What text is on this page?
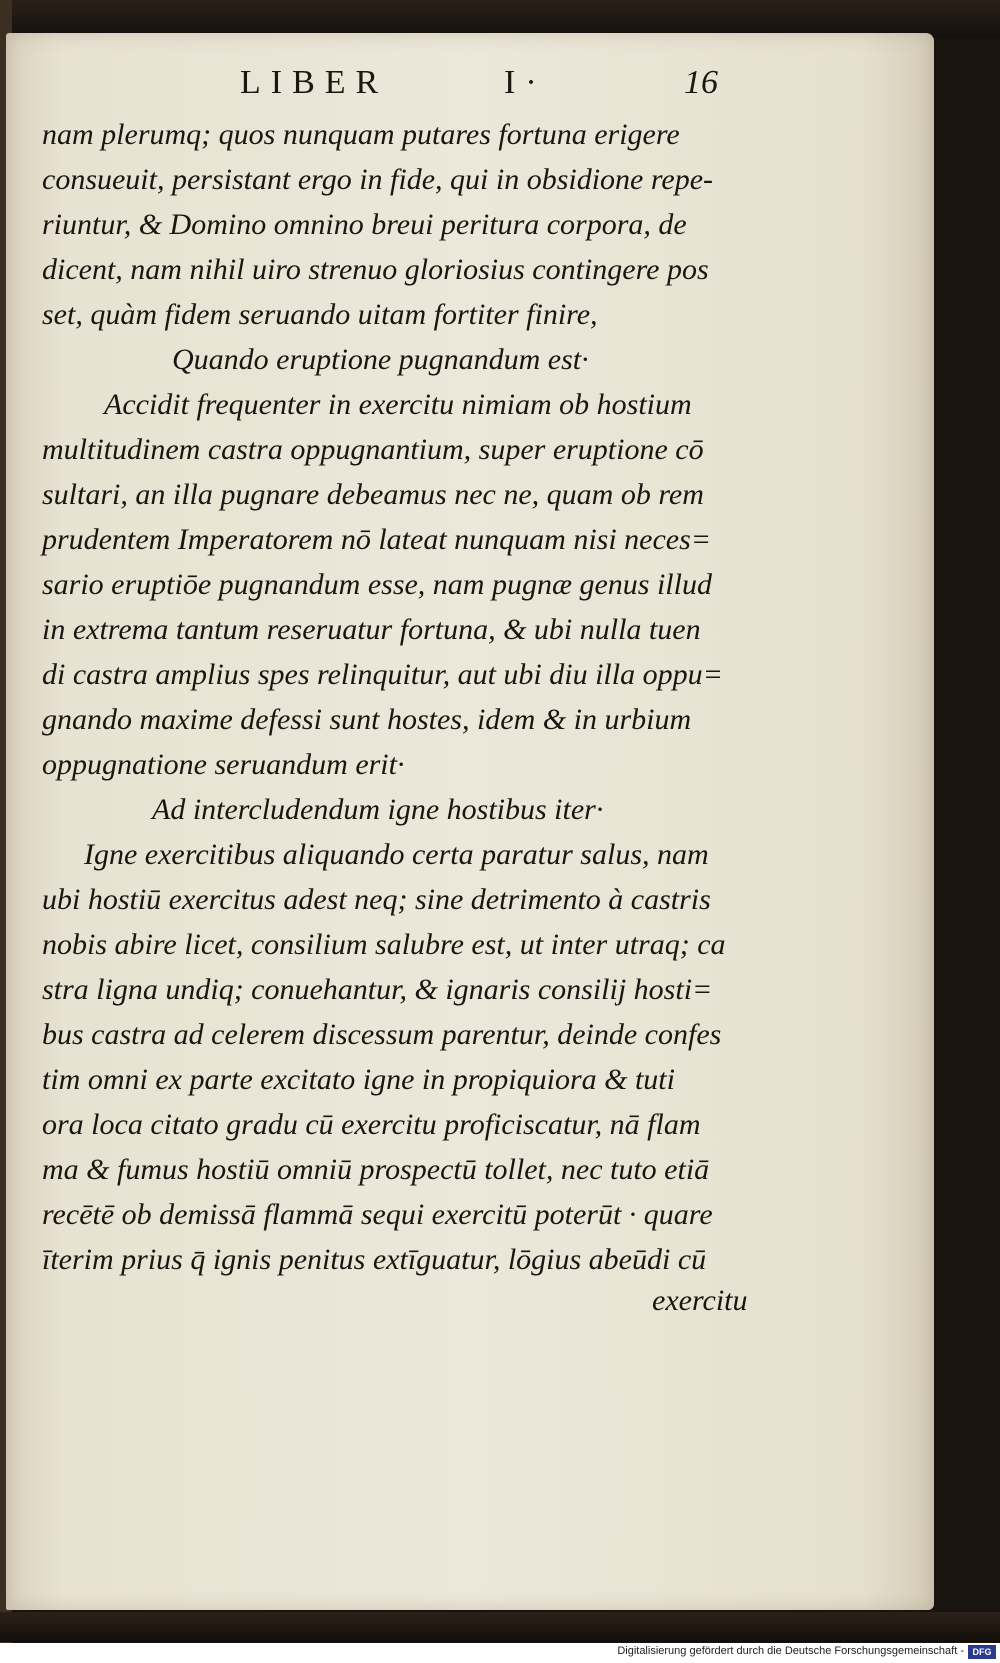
LIBER	I·	16
nam plerumq; quos nunquam putares fortuna erigere
consueuit, persistant ergo in fide, qui in obsidione repe-
riuntur, & Domino omnino breui peritura corpora, de
dicent, nam nihil uiro strenuo gloriosius contingere pos
set, quàm fidem seruando uitam fortiter finire,
Quando eruptione pugnandum est·
Accidit frequenter in exercitu nimiam ob hostium
multitudinem castra oppugnantium, super eruptione cō
sultari, an illa pugnare debeamus nec ne, quam ob rem
prudentem Imperatorem nō lateat nunquam nisi neces=
sario eruptiōe pugnandum esse, nam pugnæ genus illud
in extrema tantum reseruatur fortuna, & ubi nulla tuen
di castra amplius spes relinquitur, aut ubi diu illa oppu=
gnando maxime defessi sunt hostes, idem & in urbium
oppugnatione seruandum erit·
Ad intercludendum igne hostibus iter·
Igne exercitibus aliquando certa paratur salus, nam
ubi hostiū exercitus adest neq; sine detrimento à castris
nobis abire licet, consilium salubre est, ut inter utraq; ca
stra ligna undiq; conuehantur, & ignaris consilij hosti=
bus castra ad celerem discessum parentur, deinde confes
tim omni ex parte excitato igne in propiquiora & tuti
ora loca citato gradu cū exercitu proficiscatur, nā flam
ma & fumus hostiū omniū prospectū tollet, nec tuto etiā
recētē ob demissā flammā sequi exercitū poterūt · quare
īterim prius q̄ ignis penitus extīguatur, lōgius abeūdi cū
exercitu
Digitalisierung gefördert durch die Deutsche Forschungsgemeinschaft - DFG
